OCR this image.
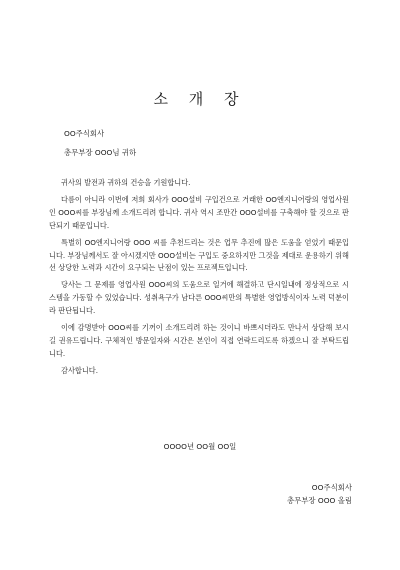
소 개 장
OO주식회사
총무부장 OOO님 귀하

귀사의 발전과 귀하의 건승을 기원합니다.

다름이 아니라 이번에 저희 회사가 OOO설비 구입건으로 거래한 OO엔지니어랑의 영업사원인 OOO씨를 부장님께 소개드리려 합니다. 귀사 역시 조만간 OOO설비를 구축해야 할 것으로 판단되기 때문입니다.

특별히 OO엔지니어랑 OOO 씨를 추천드리는 것은 업무 추진에 많은 도움을 얻었기 때문입니다. 부장님께서도 잘 아시겠지만 OOO설비는 구입도 중요하지만 그것을 제대로 운용하기 위해선 상당한 노력과 시간이 요구되는 난점이 있는 프로젝트입니다.

당사는 그 문제를 영업사원 OOO씨의 도움으로 일거에 해결하고 단시일내에 정상적으로 시스템을 가동할 수 있었습니다. 성취욕구가 남다른 OOO씨만의 특별한 영업방식이자 노력 덕분이라 판단됩니다.

이에 감명받아 OOO씨를 기꺼이 소개드리려 하는 것이니 바쁘시더라도 만나서 상담해 보시길 권유드립니다. 구체적인 방문일자와 시간은 본인이 직접 연락드리도록 하겠으니 잘 부탁드립니다.

감사합니다.

OOOO년 OO월 OO일
OO주식회사
총무부장 OOO 올림
